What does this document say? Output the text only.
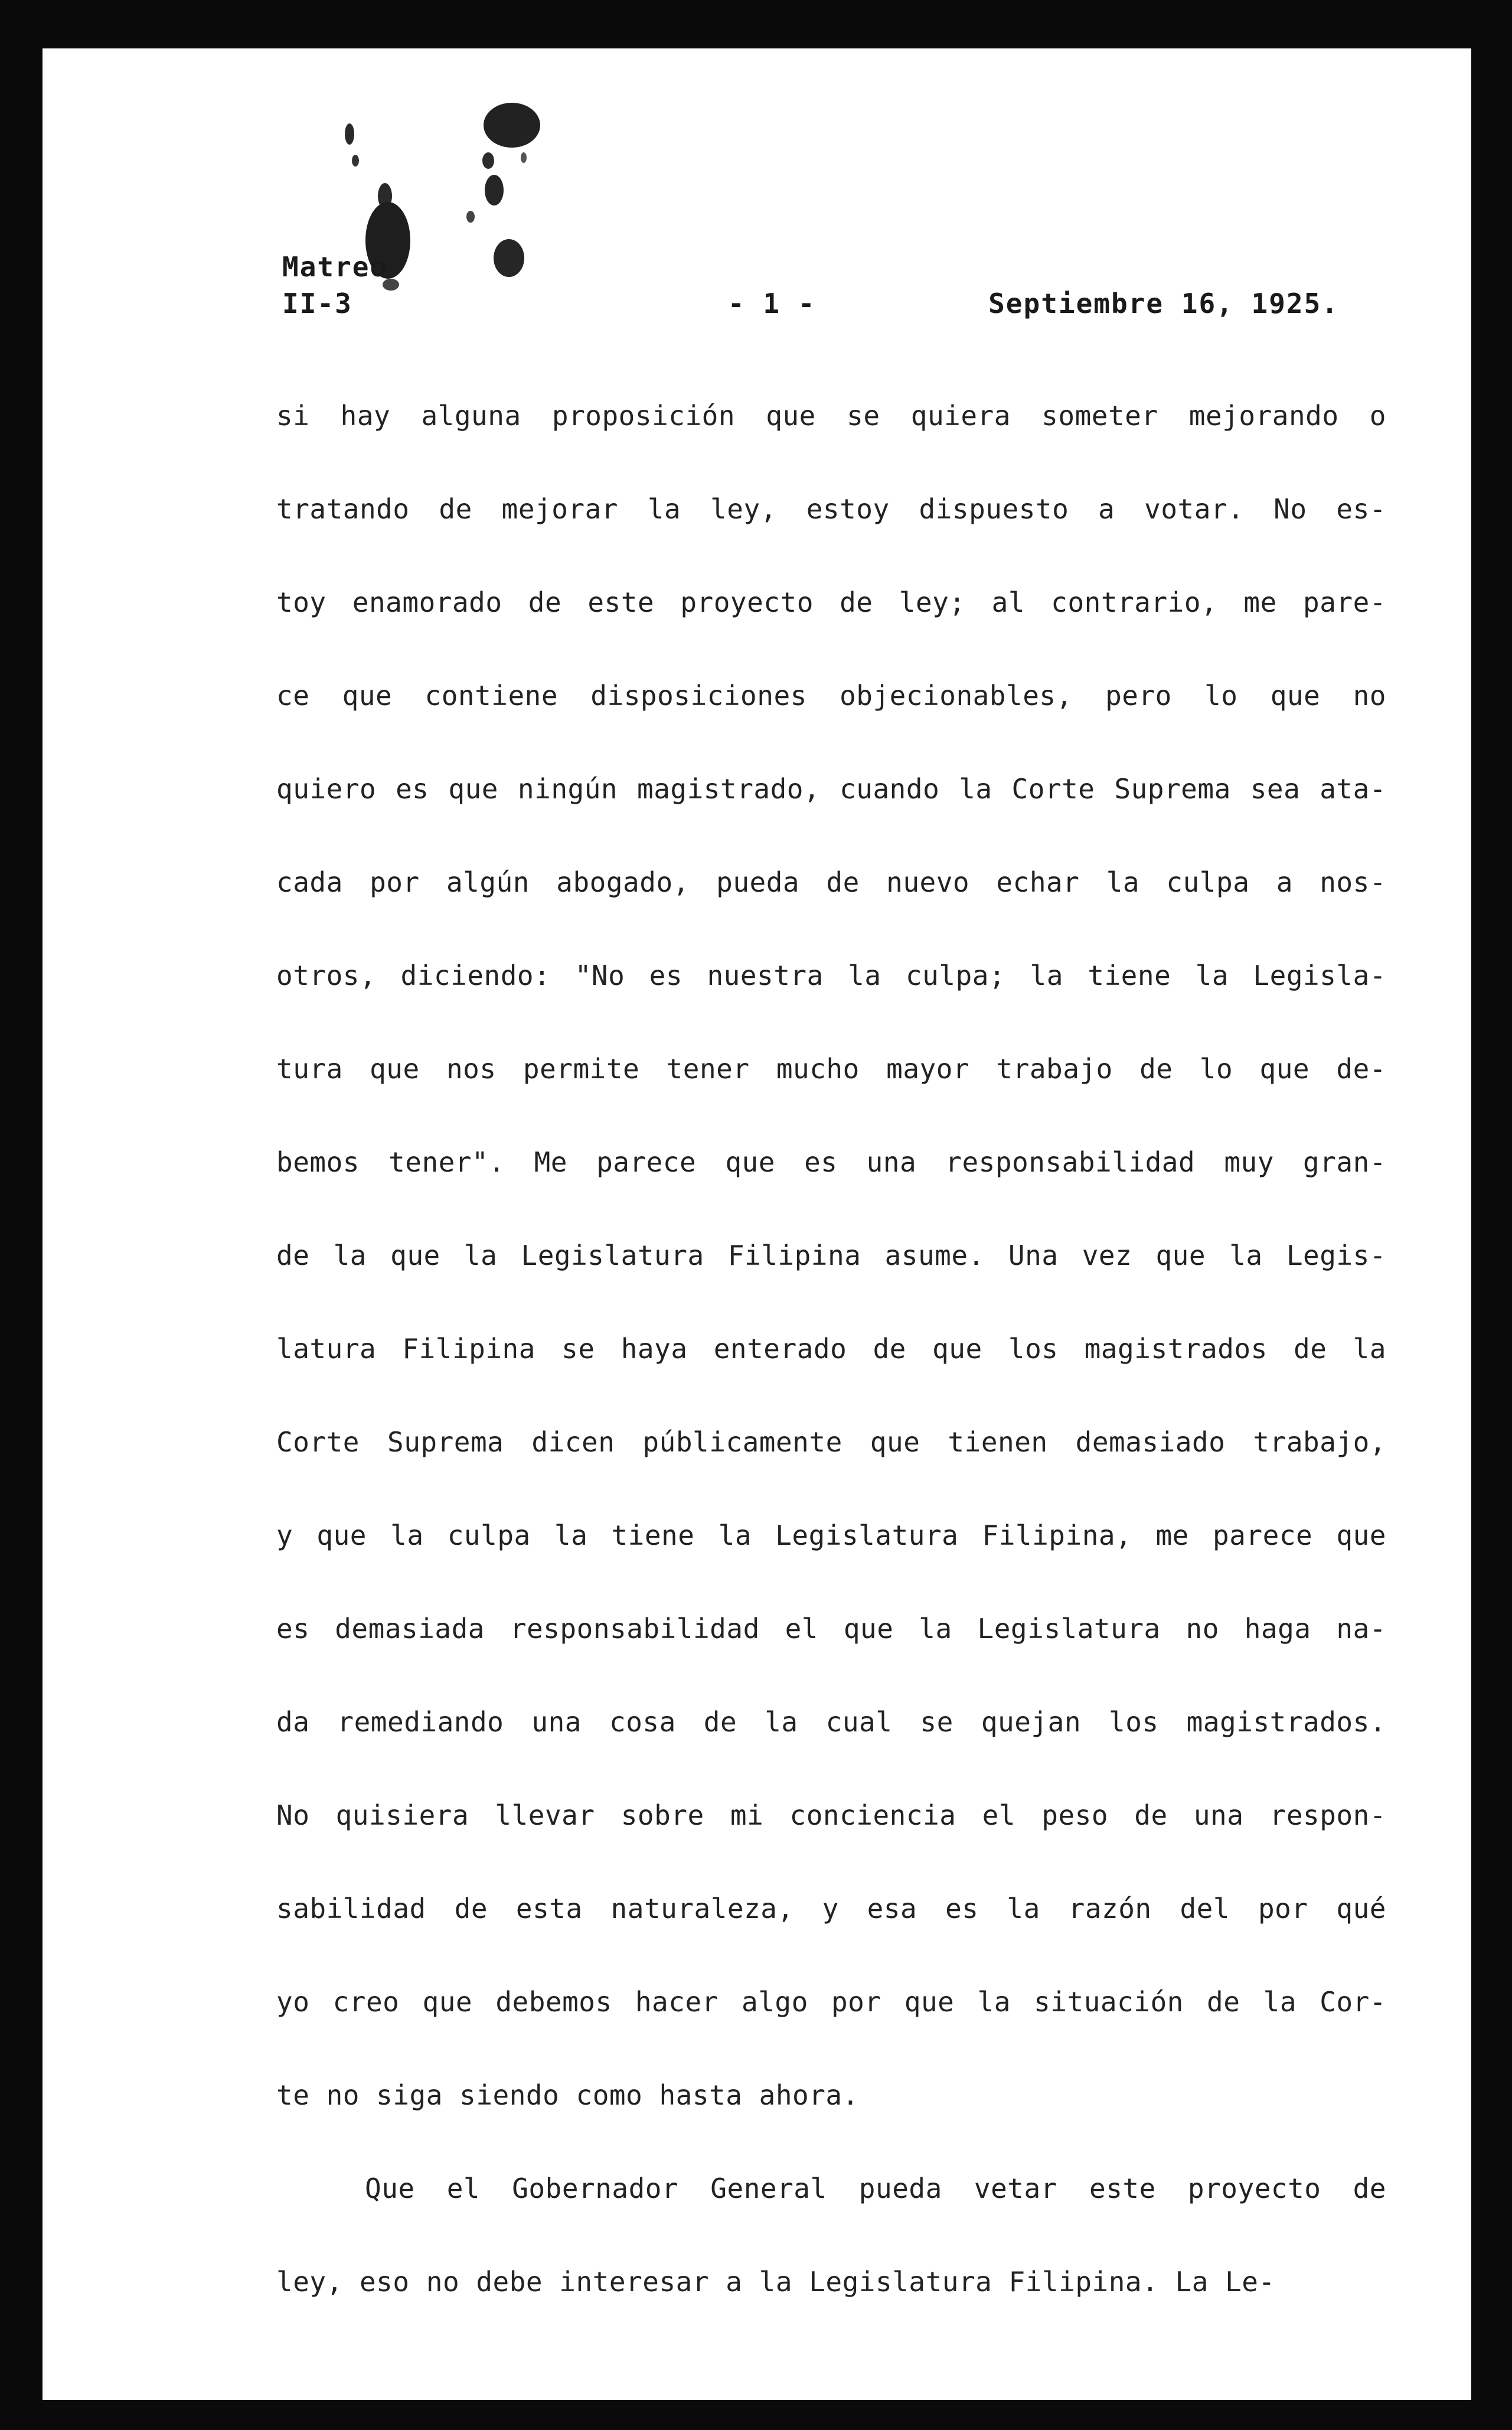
Matreo
II-3	- 1 -	Septiembre 16, 1925.
si hay alguna proposición que se quiera someter mejorando o
tratando de mejorar la ley, estoy dispuesto a votar. No es-
toy enamorado de este proyecto de ley; al contrario, me pare-
ce que contiene disposiciones objecionables, pero lo que no
quiero es que ningún magistrado, cuando la Corte Suprema sea ata-
cada por algún abogado, pueda de nuevo echar la culpa a nos-
otros, diciendo: "No es nuestra la culpa; la tiene la Legisla-
tura que nos permite tener mucho mayor trabajo de lo que de-
bemos tener". Me parece que es una responsabilidad muy gran-
de la que la Legislatura Filipina asume. Una vez que la Legis-
latura Filipina se haya enterado de que los magistrados de la
Corte Suprema dicen públicamente que tienen demasiado trabajo,
y que la culpa la tiene la Legislatura Filipina, me parece que
es demasiada responsabilidad el que la Legislatura no haga na-
da remediando una cosa de la cual se quejan los magistrados.
No quisiera llevar sobre mi conciencia el peso de una respon-
sabilidad de esta naturaleza, y esa es la razón del por qué
yo creo que debemos hacer algo por que la situación de la Cor-
te no siga siendo como hasta ahora.
Que el Gobernador General pueda vetar este proyecto de
ley, eso no debe interesar a la Legislatura Filipina. La Le-
